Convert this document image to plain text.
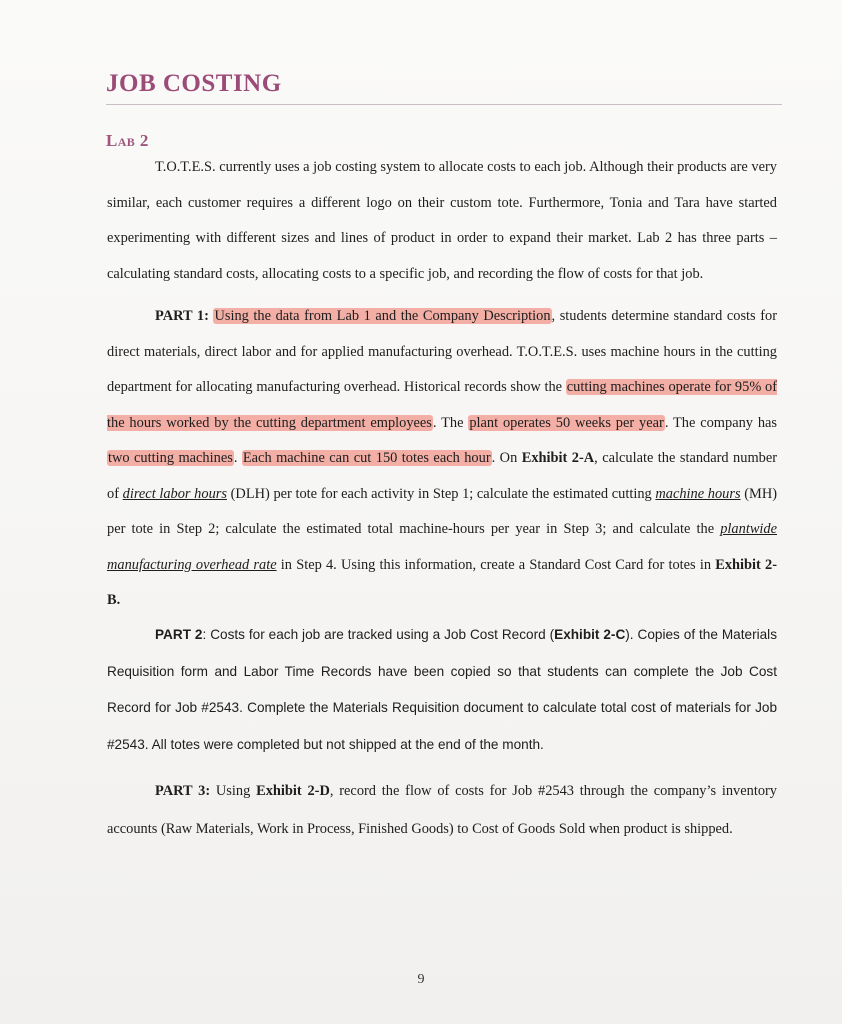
JOB COSTING
Lab 2

T.O.T.E.S. currently uses a job costing system to allocate costs to each job. Although their products are very similar, each customer requires a different logo on their custom tote. Furthermore, Tonia and Tara have started experimenting with different sizes and lines of product in order to expand their market. Lab 2 has three parts – calculating standard costs, allocating costs to a specific job, and recording the flow of costs for that job.

PART 1: Using the data from Lab 1 and the Company Description, students determine standard costs for direct materials, direct labor and for applied manufacturing overhead. T.O.T.E.S. uses machine hours in the cutting department for allocating manufacturing overhead. Historical records show the cutting machines operate for 95% of the hours worked by the cutting department employees. The plant operates 50 weeks per year. The company has two cutting machines. Each machine can cut 150 totes each hour. On Exhibit 2-A, calculate the standard number of direct labor hours (DLH) per tote for each activity in Step 1; calculate the estimated cutting machine hours (MH) per tote in Step 2; calculate the estimated total machine-hours per year in Step 3; and calculate the plantwide manufacturing overhead rate in Step 4. Using this information, create a Standard Cost Card for totes in Exhibit 2-B.

PART 2: Costs for each job are tracked using a Job Cost Record (Exhibit 2-C). Copies of the Materials Requisition form and Labor Time Records have been copied so that students can complete the Job Cost Record for Job #2543. Complete the Materials Requisition document to calculate total cost of materials for Job #2543. All totes were completed but not shipped at the end of the month.

PART 3: Using Exhibit 2-D, record the flow of costs for Job #2543 through the company’s inventory accounts (Raw Materials, Work in Process, Finished Goods) to Cost of Goods Sold when product is shipped.

9
